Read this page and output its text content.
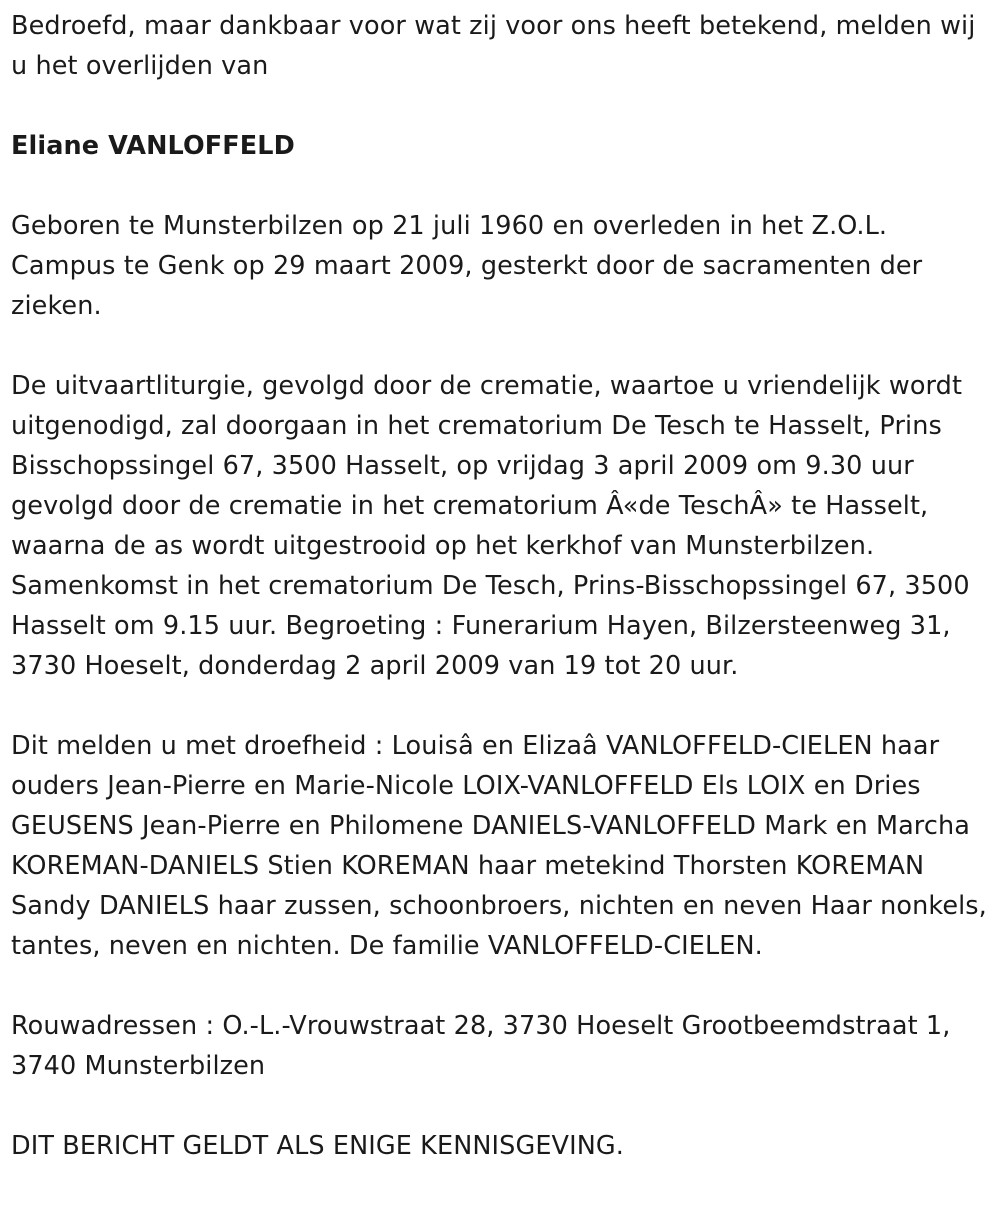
Bedroefd, maar dankbaar voor wat zij voor ons heeft betekend, melden wij u het overlijden van

Eliane VANLOFFELD

Geboren te Munsterbilzen op 21 juli 1960 en overleden in het Z.O.L. Campus te Genk op 29 maart 2009, gesterkt door de sacramenten der zieken.

De uitvaartliturgie, gevolgd door de crematie, waartoe u vriendelijk wordt uitgenodigd, zal doorgaan in het crematorium De Tesch te Hasselt, Prins Bisschopssingel 67, 3500 Hasselt, op vrijdag 3 april 2009 om 9.30 uur gevolgd door de crematie in het crematorium Â«de TeschÂ» te Hasselt, waarna de as wordt uitgestrooid op het kerkhof van Munsterbilzen. Samenkomst in het crematorium De Tesch, Prins-Bisschopssingel 67, 3500 Hasselt om 9.15 uur. Begroeting : Funerarium Hayen, Bilzersteenweg 31, 3730 Hoeselt, donderdag 2 april 2009 van 19 tot 20 uur.

Dit melden u met droefheid : Louisâ en Elizaâ VANLOFFELD-CIELEN haar ouders Jean-Pierre en Marie-Nicole LOIX-VANLOFFELD Els LOIX en Dries GEUSENS Jean-Pierre en Philomene DANIELS-VANLOFFELD Mark en Marcha KOREMAN-DANIELS Stien KOREMAN haar metekind Thorsten KOREMAN Sandy DANIELS haar zussen, schoonbroers, nichten en neven Haar nonkels, tantes, neven en nichten. De familie VANLOFFELD-CIELEN.

Rouwadressen : O.-L.-Vrouwstraat 28, 3730 Hoeselt Grootbeemdstraat 1, 3740 Munsterbilzen

DIT BERICHT GELDT ALS ENIGE KENNISGEVING.
